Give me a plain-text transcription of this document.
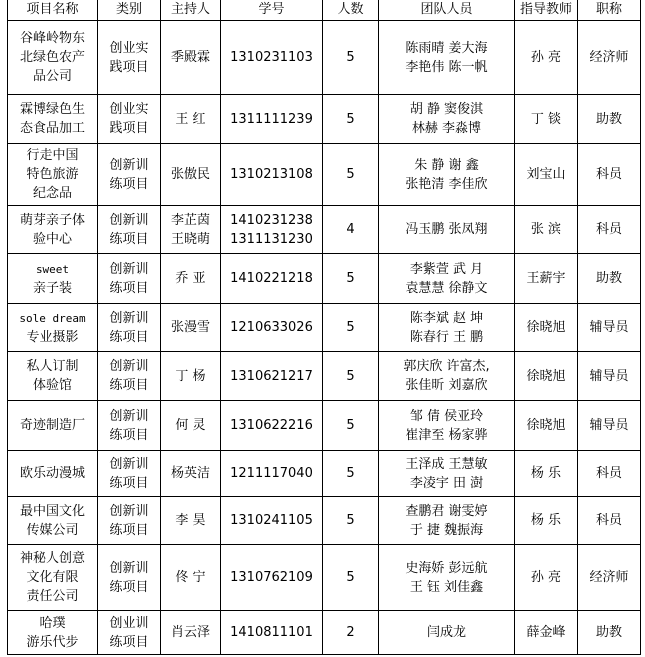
项目名称	类别	主持人	学号	人数	团队人员	指导教师	职称

谷峰岭物东
北绿色农产
品公司	创业实
践项目	季殿霖	1310231103	5	陈雨晴 姜大海
李艳伟 陈一帆	孙 亮	经济师

霖博绿色生
态食品加工	创业实
践项目	王 红	1311111239	5	胡 静 窦俊淇
林赫 李淼博	丁 锬	助教

行走中国
特色旅游
纪念品	创新训
练项目	张傲民	1310213108	5	朱 静 谢 鑫
张艳清 李佳欣	刘宝山	科员

萌芽亲子体
验中心	创新训
练项目	李芷茵
王晓萌	1410231238
1311131230	4	冯玉鹏 张凤翔	张 滨	科员

sweet
亲子装	创新训
练项目	乔 亚	1410221218	5	李紫萱 武 月
袁慧慧 徐静文	王薪宇	助教

sole dream
专业摄影	创新训
练项目	张漫雪	1210633026	5	陈李斌 赵 坤
陈春行 王 鹏	徐晓旭	辅导员

私人订制
体验馆	创新训
练项目	丁 杨	1310621217	5	郭庆欣 许富杰,
张佳昕 刘嘉欣	徐晓旭	辅导员

奇迹制造厂	创新训
练项目	何 灵	1310622216	5	邹 倩 侯亚玲
崔津至 杨家骅	徐晓旭	辅导员

欧乐动漫城	创新训
练项目	杨英洁	1211117040	5	王泽成 王慧敏
李凌宇 田 澍	杨 乐	科员

最中国文化
传媒公司	创新训
练项目	李 昊	1310241105	5	查鹏君 谢雯婷
于 捷 魏振海	杨 乐	科员

神秘人创意
文化有限
责任公司	创新训
练项目	佟 宁	1310762109	5	史海娇 彭远航
王 钰 刘佳鑫	孙 亮	经济师

哈璞
游乐代步	创业训
练项目	肖云泽	1410811101	2	闫成龙	薛金峰	助教
